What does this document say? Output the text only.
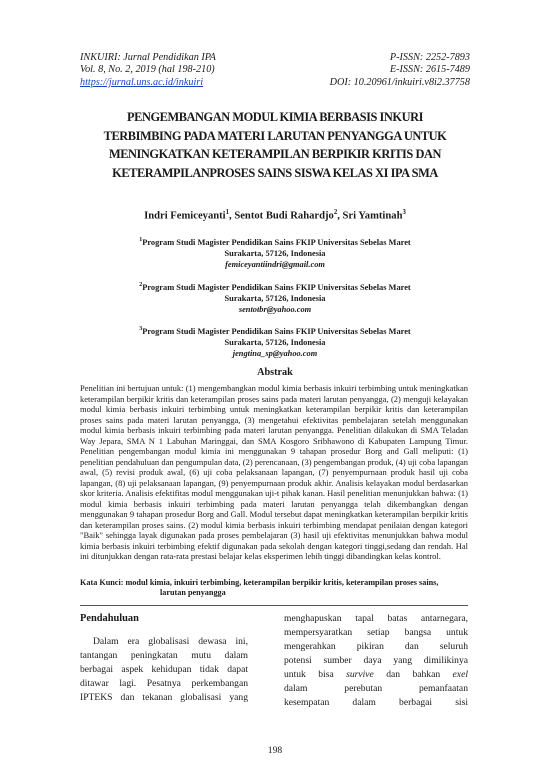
INKUIRI: Jurnal Pendidikan IPA	P-ISSN: 2252-7893
Vol. 8, No. 2, 2019 (hal 198-210)	E-ISSN: 2615-7489
https://jurnal.uns.ac.id/inkuiri	DOI: 10.20961/inkuiri.v8i2.37758
PENGEMBANGAN MODUL KIMIA BERBASIS INKURI
TERBIMBING PADA MATERI LARUTAN PENYANGGA UNTUK
MENINGKATKAN KETERAMPILAN BERPIKIR KRITIS DAN
KETERAMPILANPROSES SAINS SISWA KELAS XI IPA SMA
Indri Femiceyanti$^1$, Sentot Budi Rahardjo$^2$, Sri Yamtinah$^3$
$^1$Program Studi Magister Pendidikan Sains FKIP Universitas Sebelas Maret
Surakarta, 57126, Indonesia
femiceyantiindri@gmail.com
$^2$Program Studi Magister Pendidikan Sains FKIP Universitas Sebelas Maret
Surakarta, 57126, Indonesia
sentotbr@yahoo.com
$^3$Program Studi Magister Pendidikan Sains FKIP Universitas Sebelas Maret
Surakarta, 57126, Indonesia
jengtina_sp@yahoo.com
Abstrak

Penelitian ini bertujuan untuk: (1) mengembangkan modul kimia berbasis inkuiri terbimbing untuk meningkatkan keterampilan berpikir kritis dan keterampilan proses sains pada materi larutan penyangga, (2) menguji kelayakan modul kimia berbasis inkuiri terbimbing untuk meningkatkan keterampilan berpikir kritis dan keterampilan proses sains pada materi larutan penyangga, (3) mengetahui efektivitas pembelajaran setelah menggunakan modul kimia berbasis inkuiri terbimbing pada materi larutan penyangga. Penelitian dilakukan di SMA Teladan Way Jepara, SMA N 1 Labuhan Maringgai, dan SMA Kosgoro Sribhawono di Kabupaten Lampung Timur. Penelitian pengembangan modul kimia ini menggunakan 9 tahapan prosedur Borg and Gall meliputi: (1) penelitian pendahuluan dan pengumpulan data, (2) perencanaan, (3) pengembangan produk, (4) uji coba lapangan awal, (5) revisi produk awal, (6) uji coba pelaksanaan lapangan, (7) penyempurnaan produk hasil uji coba lapangan, (8) uji pelaksanaan lapangan, (9) penyempurnaan produk akhir. Analisis kelayakan modul berdasarkan skor kriteria. Analisis efektifitas modul menggunakan uji-t pihak kanan. Hasil penelitian menunjukkan bahwa: (1) modul kimia berbasis inkuiri terbimbing pada materi larutan penyangga telah dikembangkan dengan menggunakan 9 tahapan prosedur Borg and Gall. Modul tersebut dapat meningkatkan keterampilan berpikir kritis dan keterampilan proses sains. (2) modul kimia berbasis inkuiri terbimbing mendapat penilaian dengan kategori "Baik" sehingga layak digunakan pada proses pembelajaran (3) hasil uji efektivitas menunjukkan bahwa modul kimia berbasis inkuiri terbimbing efektif digunakan pada sekolah dengan kategori tinggi,sedang dan rendah. Hal ini ditunjukkan dengan rata-rata prestasi belajar kelas eksperimen lebih tinggi dibandingkan kelas kontrol.

Kata Kunci: modul kimia, inkuiri terbimbing, keterampilan berpikir kritis, keterampilan proses sains,
larutan penyangga
Pendahuluan
Dalam era globalisasi dewasa ini,
tantangan peningkatan mutu dalam
berbagai aspek kehidupan tidak dapat
ditawar lagi. Pesatnya perkembangan
IPTEKS dan tekanan globalisasi yang
menghapuskan tapal batas antarnegara,
mempersyaratkan setiap bangsa untuk
mengerahkan pikiran dan seluruh
potensi sumber daya yang dimilikinya
untuk bisa survive dan bahkan exel
dalam perebutan pemanfaatan
kesempatan dalam berbagai sisi
198
